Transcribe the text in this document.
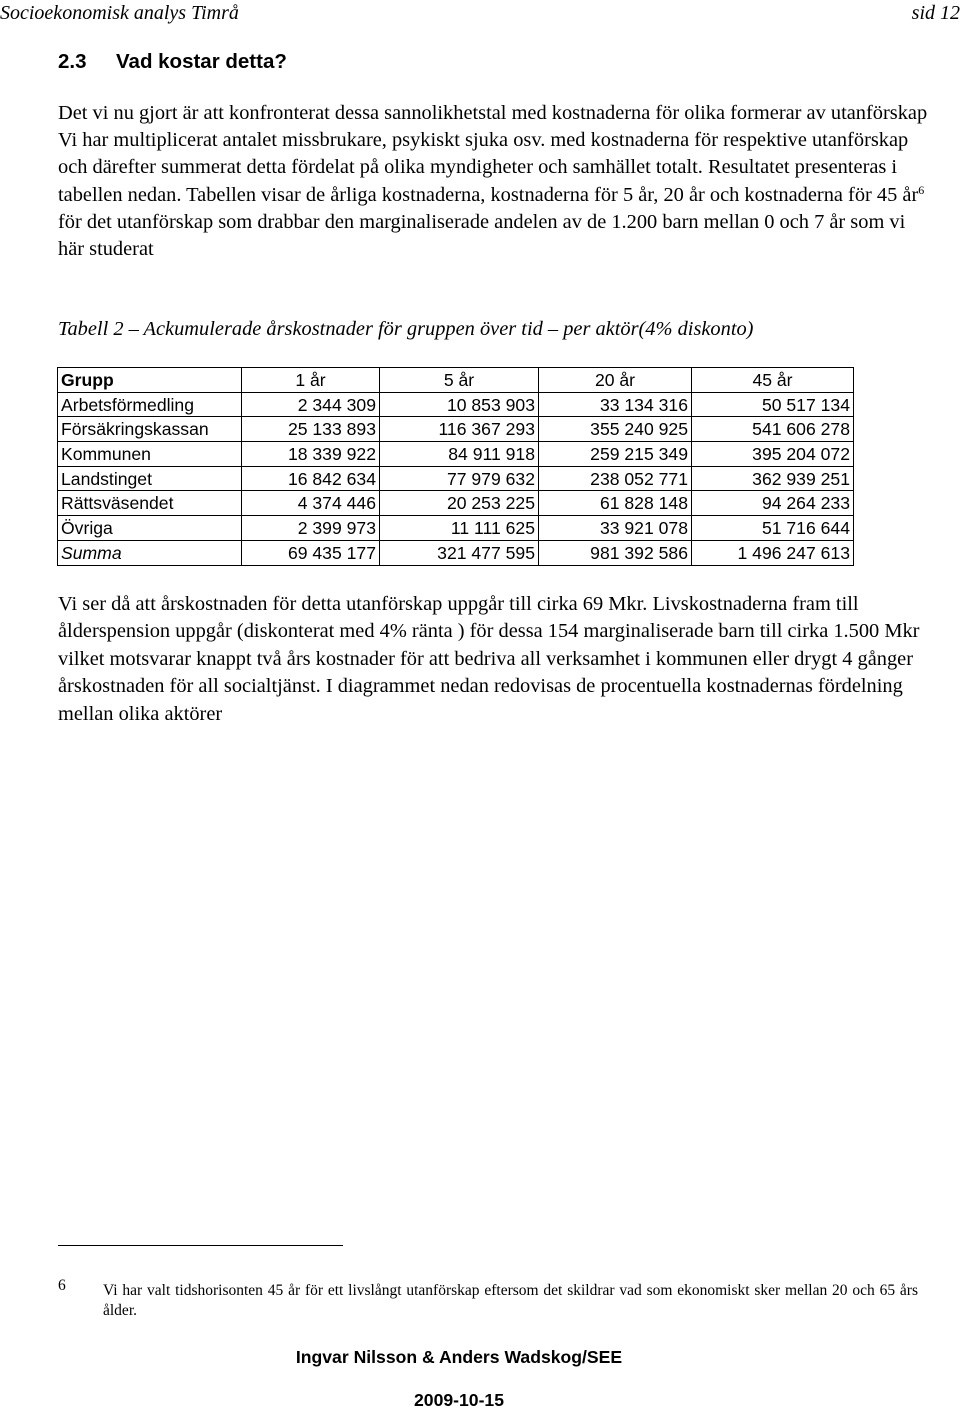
Socioekonomisk analys Timrå	sid 12
2.3 Vad kostar detta?

Det vi nu gjort är att konfronterat dessa sannolikhetstal med kostnaderna för olika formerar av utanförskap Vi har multiplicerat antalet missbrukare, psykiskt sjuka osv. med kostnaderna för respektive utanförskap och därefter summerat detta fördelat på olika myndigheter och samhället totalt. Resultatet presenteras i tabellen nedan. Tabellen visar de årliga kostnaderna, kostnaderna för 5 år, 20 år och kostnaderna för 45 $år^6$ för det utanförskap som drabbar den marginaliserade andelen av de 1.200 barn mellan 0 och 7 år som vi här studerat

Tabell 2 – Ackumulerade årskostnader för gruppen över tid – per aktör(4% diskonto)
Grupp	1 år	5 år	20 år	45 år
Arbetsförmedling	2 344 309	10 853 903	33 134 316	50 517 134
Försäkringskassan	25 133 893	116 367 293	355 240 925	541 606 278
Kommunen	18 339 922	84 911 918	259 215 349	395 204 072
Landstinget	16 842 634	77 979 632	238 052 771	362 939 251
Rättsväsendet	4 374 446	20 253 225	61 828 148	94 264 233
Övriga	2 399 973	11 111 625	33 921 078	51 716 644
Summa	69 435 177	321 477 595	981 392 586	1 496 247 613

Vi ser då att årskostnaden för detta utanförskap uppgår till cirka 69 Mkr. Livskostnaderna fram till ålderspension uppgår (diskonterat med 4% ränta ) för dessa 154 marginaliserade barn till cirka 1.500 Mkr vilket motsvarar knappt två års kostnader för att bedriva all verksamhet i kommunen eller drygt 4 gånger årskostnaden för all socialtjänst. I diagrammet nedan redovisas de procentuella kostnadernas fördelning mellan olika aktörer

6 Vi har valt tidshorisonten 45 år för ett livslångt utanförskap eftersom det skildrar vad som ekonomiskt sker mellan 20 och 65 års ålder.

Ingvar Nilsson & Anders Wadskog/SEE
2009-10-15
